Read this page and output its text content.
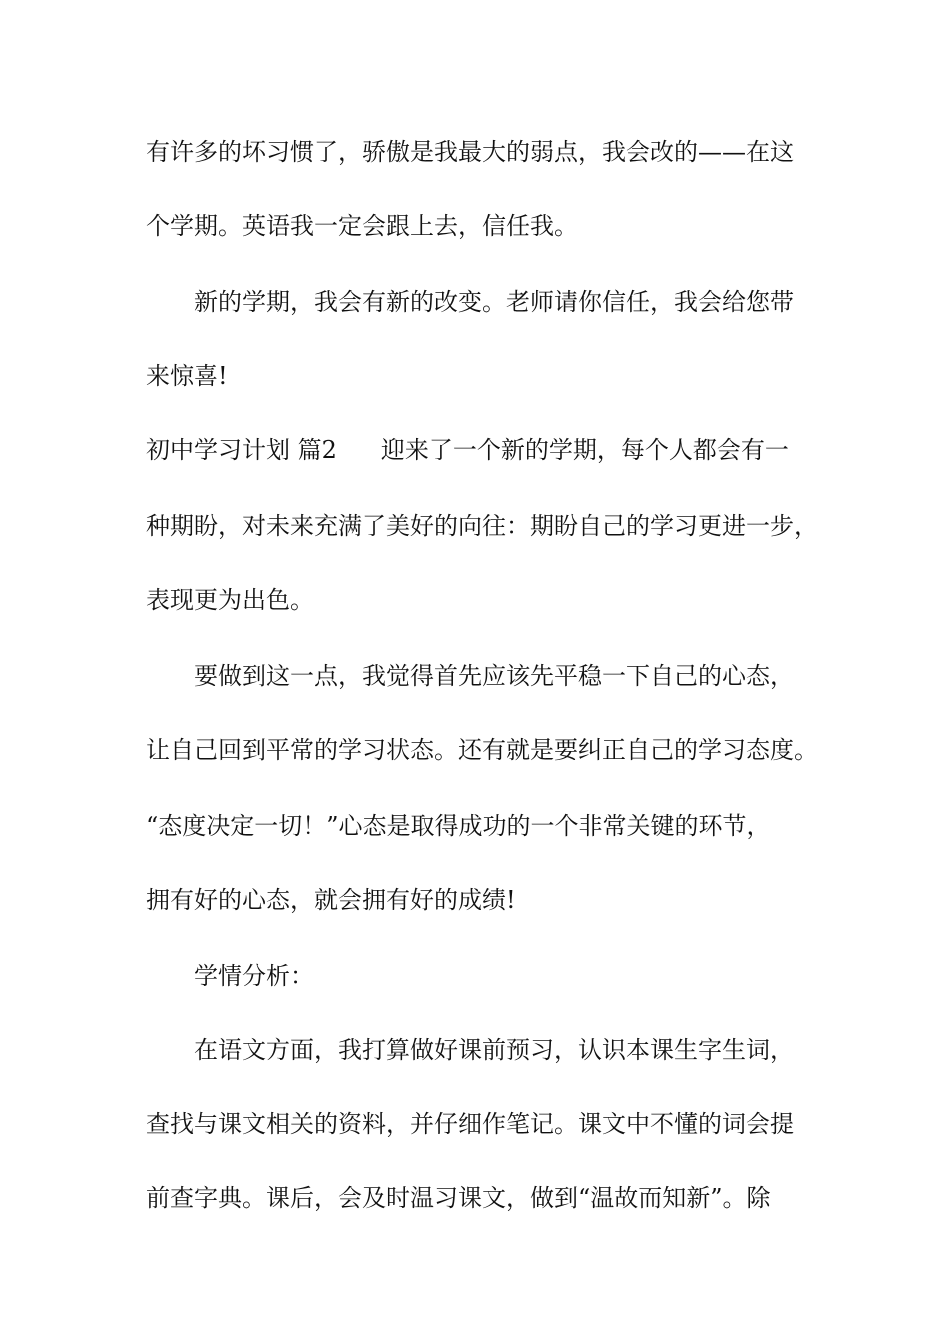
有许多的坏习惯了，骄傲是我最大的弱点，我会改的——在这
个学期。英语我一定会跟上去，信任我。
新的学期，我会有新的改变。老师请你信任，我会给您带
来惊喜!
初中学习计划 篇2 迎来了一个新的学期，每个人都会有一
种期盼，对未来充满了美好的向往：期盼自己的学习更进一步，
表现更为出色。
要做到这一点，我觉得首先应该先平稳一下自己的心态，
让自己回到平常的学习状态。还有就是要纠正自己的学习态度。
“态度决定一切！”心态是取得成功的一个非常关键的环节，
拥有好的心态，就会拥有好的成绩!
学情分析：
在语文方面，我打算做好课前预习，认识本课生字生词，
查找与课文相关的资料，并仔细作笔记。课文中不懂的词会提
前查字典。课后，会及时温习课文，做到“温故而知新”。除
